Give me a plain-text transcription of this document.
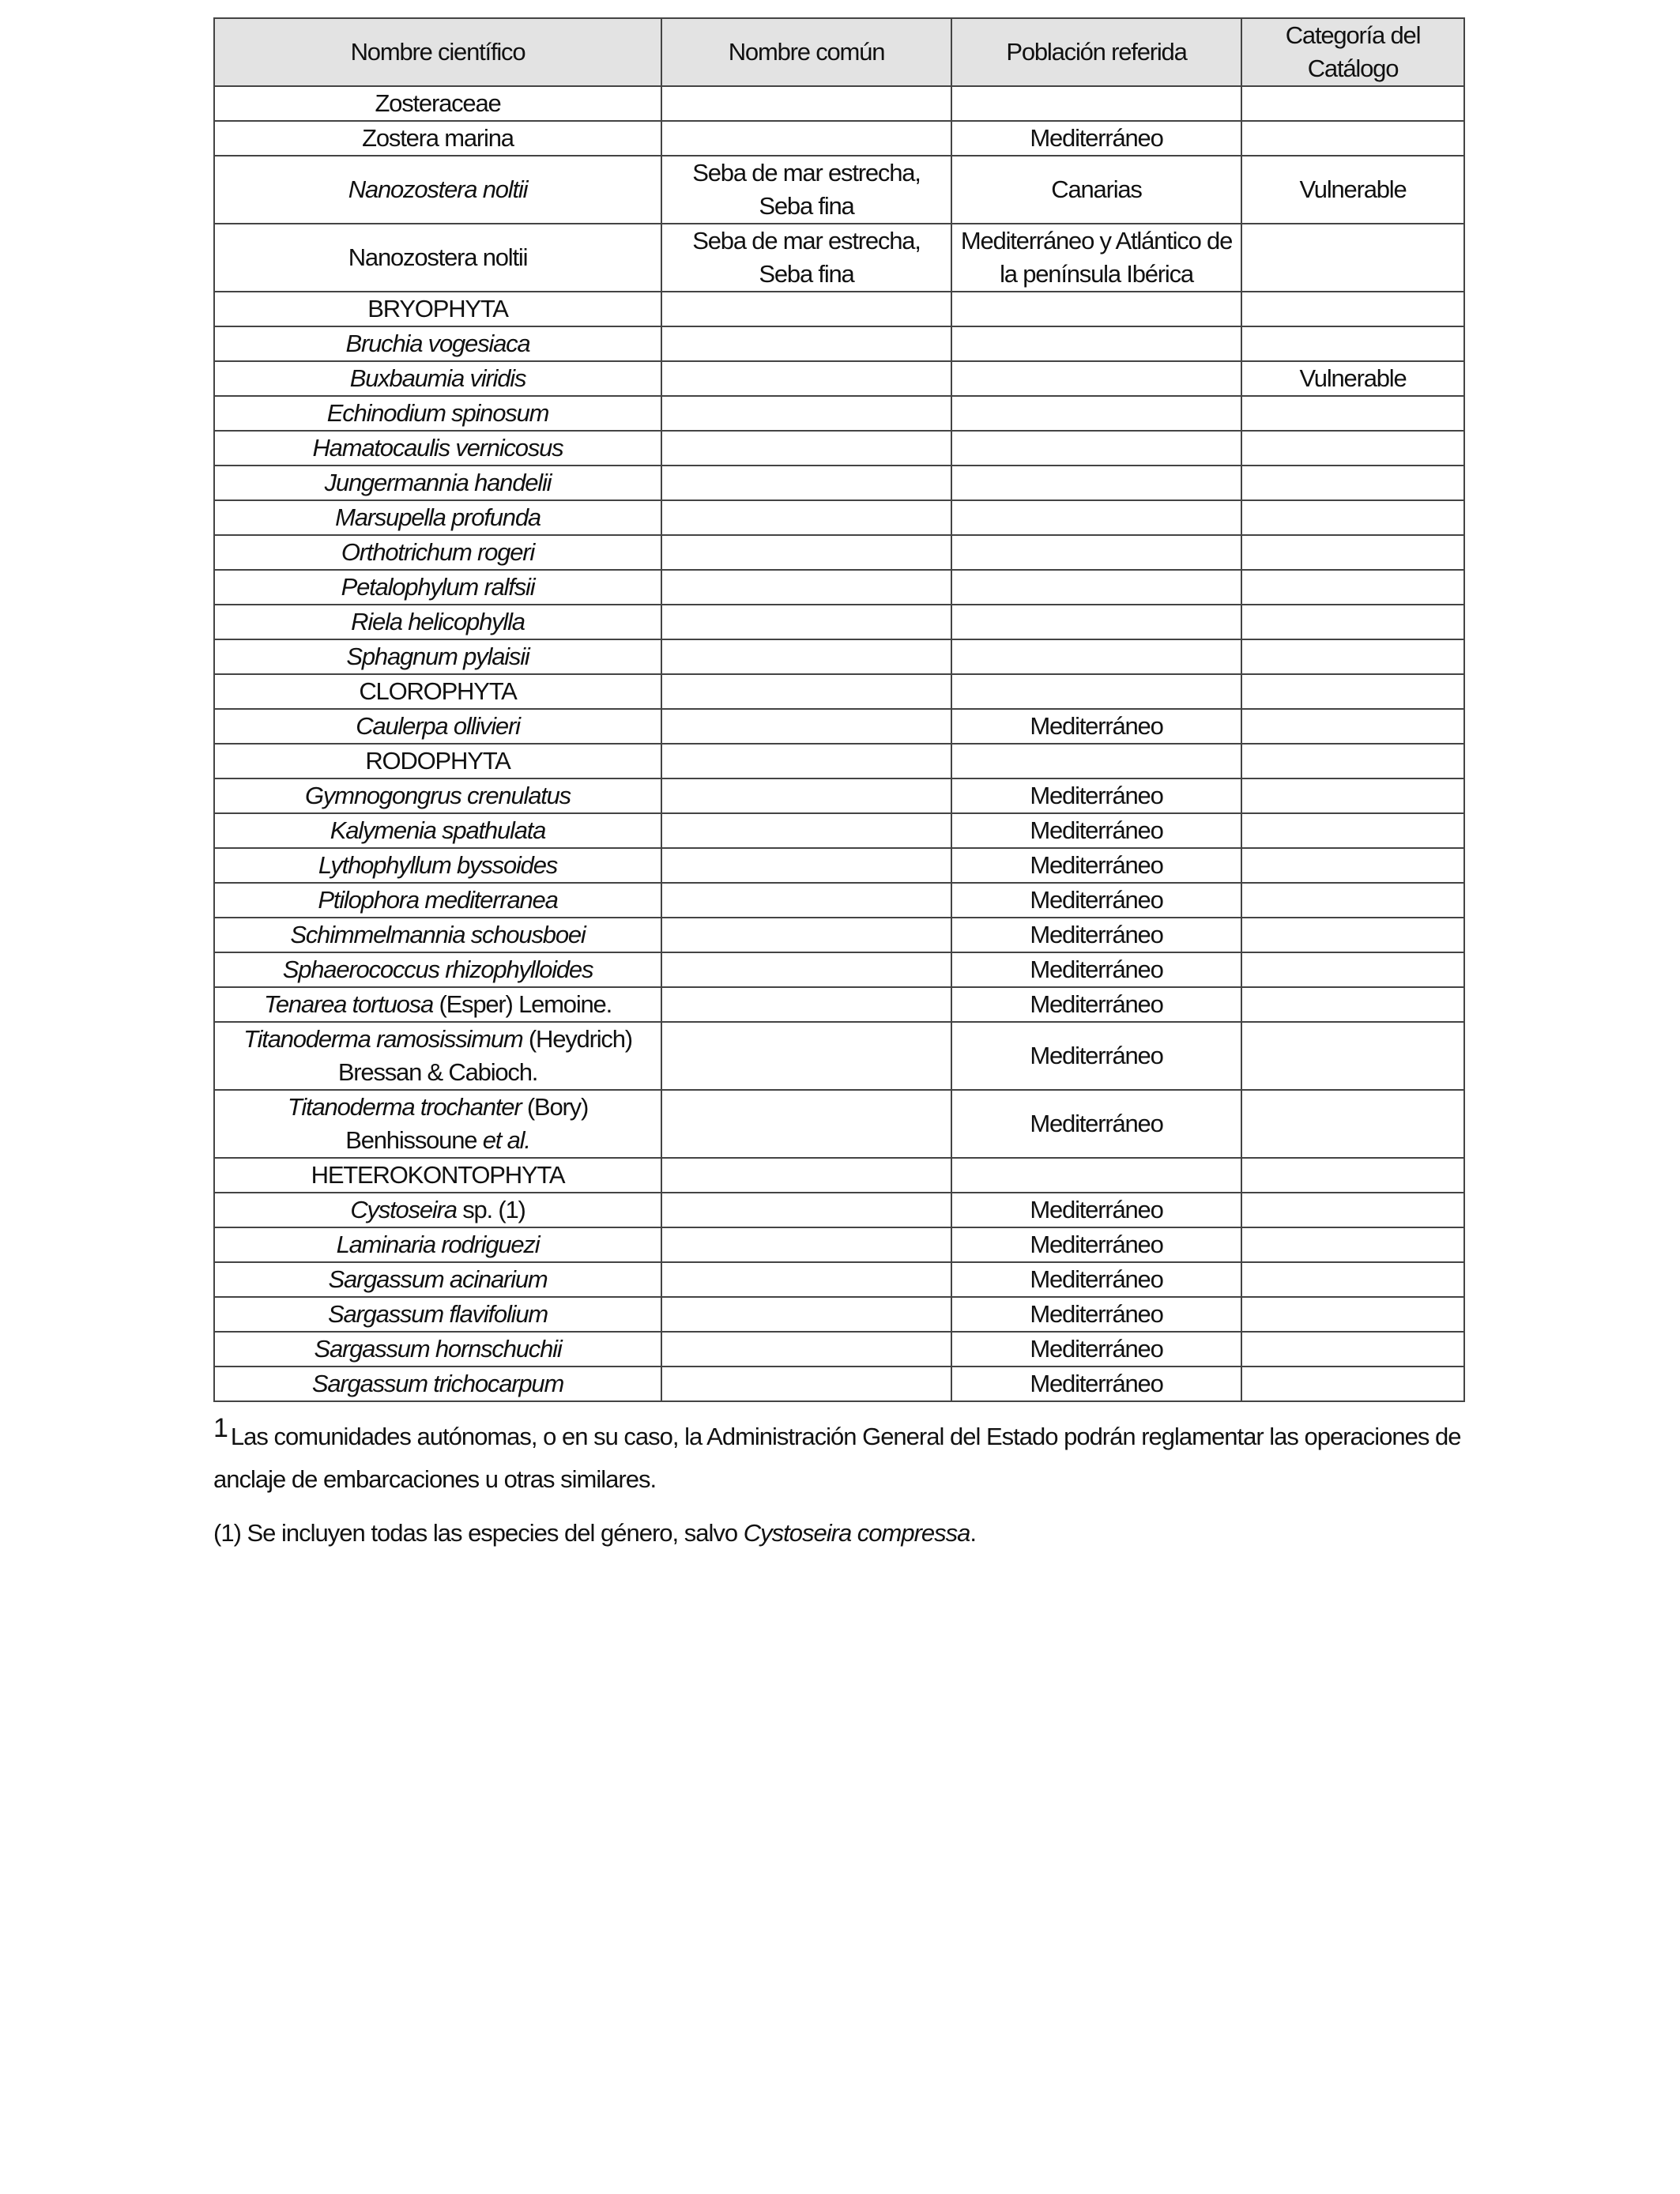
Nombre científico	Nombre común	Población referida	Categoría del Catálogo
Zosteraceae			
Zostera marina		Mediterráneo	
Nanozostera noltii	Seba de mar estrecha, Seba fina	Canarias	Vulnerable
Nanozostera noltii	Seba de mar estrecha, Seba fina	Mediterráneo y Atlántico de la península Ibérica	
BRYOPHYTA			
Bruchia vogesiaca			
Buxbaumia viridis			Vulnerable
Echinodium spinosum			
Hamatocaulis vernicosus			
Jungermannia handelii			
Marsupella profunda			
Orthotrichum rogeri			
Petalophylum ralfsii			
Riela helicophylla			
Sphagnum pylaisii			
CLOROPHYTA			
Caulerpa ollivieri		Mediterráneo	
RODOPHYTA			
Gymnogongrus crenulatus		Mediterráneo	
Kalymenia spathulata		Mediterráneo	
Lythophyllum byssoides		Mediterráneo	
Ptilophora mediterranea		Mediterráneo	
Schimmelmannia schousboei		Mediterráneo	
Sphaerococcus rhizophylloides		Mediterráneo	
Tenarea tortuosa (Esper) Lemoine.		Mediterráneo	
Titanoderma ramosissimum (Heydrich) Bressan & Cabioch.		Mediterráneo	
Titanoderma trochanter (Bory) Benhissoune et al.		Mediterráneo	
HETEROKONTOPHYTA			
Cystoseira sp. (1)		Mediterráneo	
Laminaria rodriguezi		Mediterráneo	
Sargassum acinarium		Mediterráneo	
Sargassum flavifolium		Mediterráneo	
Sargassum hornschuchii		Mediterráneo	
Sargassum trichocarpum		Mediterráneo	

1 Las comunidades autónomas, o en su caso, la Administración General del Estado podrán reglamentar las operaciones de anclaje de embarcaciones u otras similares.

(1) Se incluyen todas las especies del género, salvo Cystoseira compressa.
